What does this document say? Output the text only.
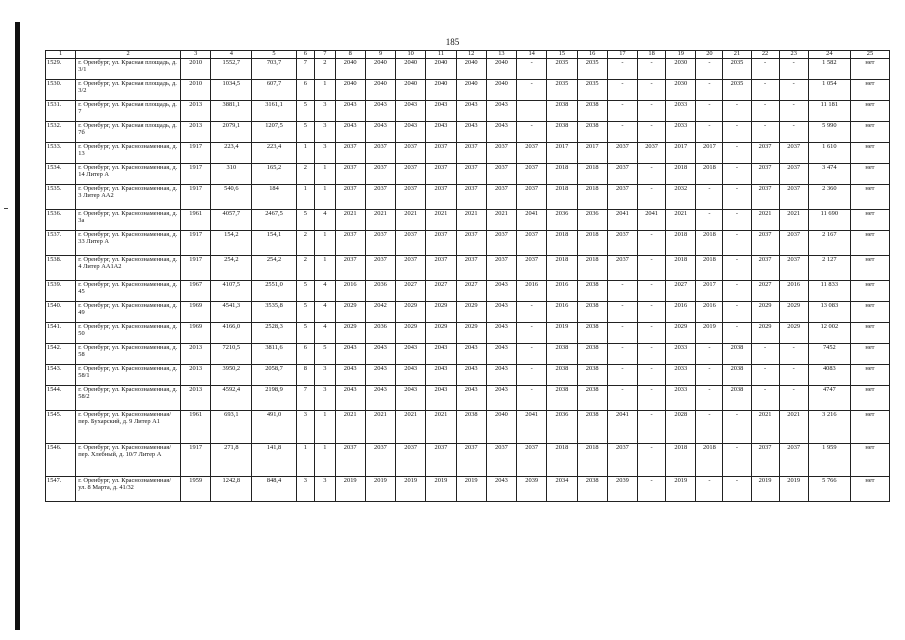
185
1	2	3	4	5	6	7	8	9	10	11	12	13	14	15	16	17	18	19	20	21	22	23	24	25
1529.	г. Оренбург, ул. Красная площадь, д. 3/1	2010	1552,7	703,7	7	2	2040	2040	2040	2040	2040	2040	-	2035	2035	-	-	2030	-	2035	-	-	1 582	нет
1530.	г. Оренбург, ул. Красная площадь, д. 3/2	2010	1034,5	607,7	6	1	2040	2040	2040	2040	2040	2040	-	2035	2035	-	-	2030	-	2035	-	-	1 054	нет
1531.	г. Оренбург, ул. Красная площадь, д. 7	2013	3881,1	3161,1	5	3	2043	2043	2043	2043	2043	2043		2038	2038	-	-	2033	-	-	-	-	11 181	нет
1532.	г. Оренбург, ул. Красная площадь, д. 7б	2013	2079,1	1207,5	5	3	2043	2043	2043	2043	2043	2043	-	2038	2038	-	-	2033	-	-	-	-	5 990	нет
1533.	г. Оренбург, ул. Краснознаменная, д. 13	1917	223,4	223,4	1	3	2037	2037	2037	2037	2037	2037	2037	2017	2017	2037	2037	2017	2017	-	2037	2037	1 610	нет
1534.	г. Оренбург, ул. Краснознаменная, д. 14 Литер А	1917	310	165,2	2	1	2037	2037	2037	2037	2037	2037	2037	2018	2018	2037	-	2018	2018	-	2037	2037	3 474	нет
1535.	г. Оренбург, ул. Краснознаменная, д. 3 Литер АА2	1917	540,6	184	1	1	2037	2037	2037	2037	2037	2037	2037	2018	2018	2037	-	2032	-	-	2037	2037	2 360	нет
1536.	г. Оренбург, ул. Краснознаменная, д. 3а	1961	4057,7	2467,5	5	4	2021	2021	2021	2021	2021	2021	2041	2036	2036	2041	2041	2021	-	-	2021	2021	11 690	нет
1537.	г. Оренбург, ул. Краснознаменная, д. 33 Литер А	1917	154,2	154,1	2	1	2037	2037	2037	2037	2037	2037	2037	2018	2018	2037	-	2018	2018	-	2037	2037	2 167	нет
1538.	г. Оренбург, ул. Краснознаменная, д. 4 Литер АА1А2	1917	254,2	254,2	2	1	2037	2037	2037	2037	2037	2037	2037	2018	2018	2037	-	2018	2018	-	2037	2037	2 127	нет
1539.	г. Оренбург, ул. Краснознаменная, д. 45	1967	4107,5	2551,0	5	4	2016	2036	2027	2027	2027	2043	2016	2016	2038	-	-	2027	2017	-	2027	2016	11 833	нет
1540.	г. Оренбург, ул. Краснознаменная, д. 49	1969	4541,3	3535,8	5	4	2029	2042	2029	2029	2029	2043	-	2016	2038	-	-	2016	2016	-	2029	2029	13 083	нет
1541.	г. Оренбург, ул. Краснознаменная, д. 50	1969	4166,0	2528,3	5	4	2029	2036	2029	2029	2029	2043	-	2019	2038	-	-	2029	2019	-	2029	2029	12 002	нет
1542.	г. Оренбург, ул. Краснознаменная, д. 58	2013	7210,5	3811,6	6	5	2043	2043	2043	2043	2043	2043	-	2038	2038	-	-	2033	-	2038	-	-	7452	нет
1543.	г. Оренбург, ул. Краснознаменная, д. 58/1	2013	3950,2	2058,7	8	3	2043	2043	2043	2043	2043	2043	-	2038	2038	-	-	2033	-	2038	-	-	4083	нет
1544.	г. Оренбург, ул. Краснознаменная, д. 58/2	2013	4592,4	2198,9	7	3	2043	2043	2043	2043	2043	2043	-	2038	2038	-	-	2033	-	2038	-	-	4747	нет
1545.	г. Оренбург, ул. Краснознаменная/ пер. Бухарский, д. 9 Литер А1	1961	693,1	491,0	3	1	2021	2021	2021	2021	2038	2040	2041	2036	2038	2041	-	2028	-	-	2021	2021	3 216	нет
1546.	г. Оренбург, ул. Краснознаменная/ пер. Хлебный, д. 10/7 Литер А	1917	271,8	141,8	1	1	2037	2037	2037	2037	2037	2037	2037	2018	2018	2037	-	2018	2018	-	2037	2037	1 959	нет
1547.	г. Оренбург, ул. Краснознаменная/ ул. 8 Марта, д. 41/32	1959	1242,8	848,4	3	3	2019	2019	2019	2019	2019	2043	2039	2034	2038	2039	-	2019	-	-	2019	2019	5 766	нет
